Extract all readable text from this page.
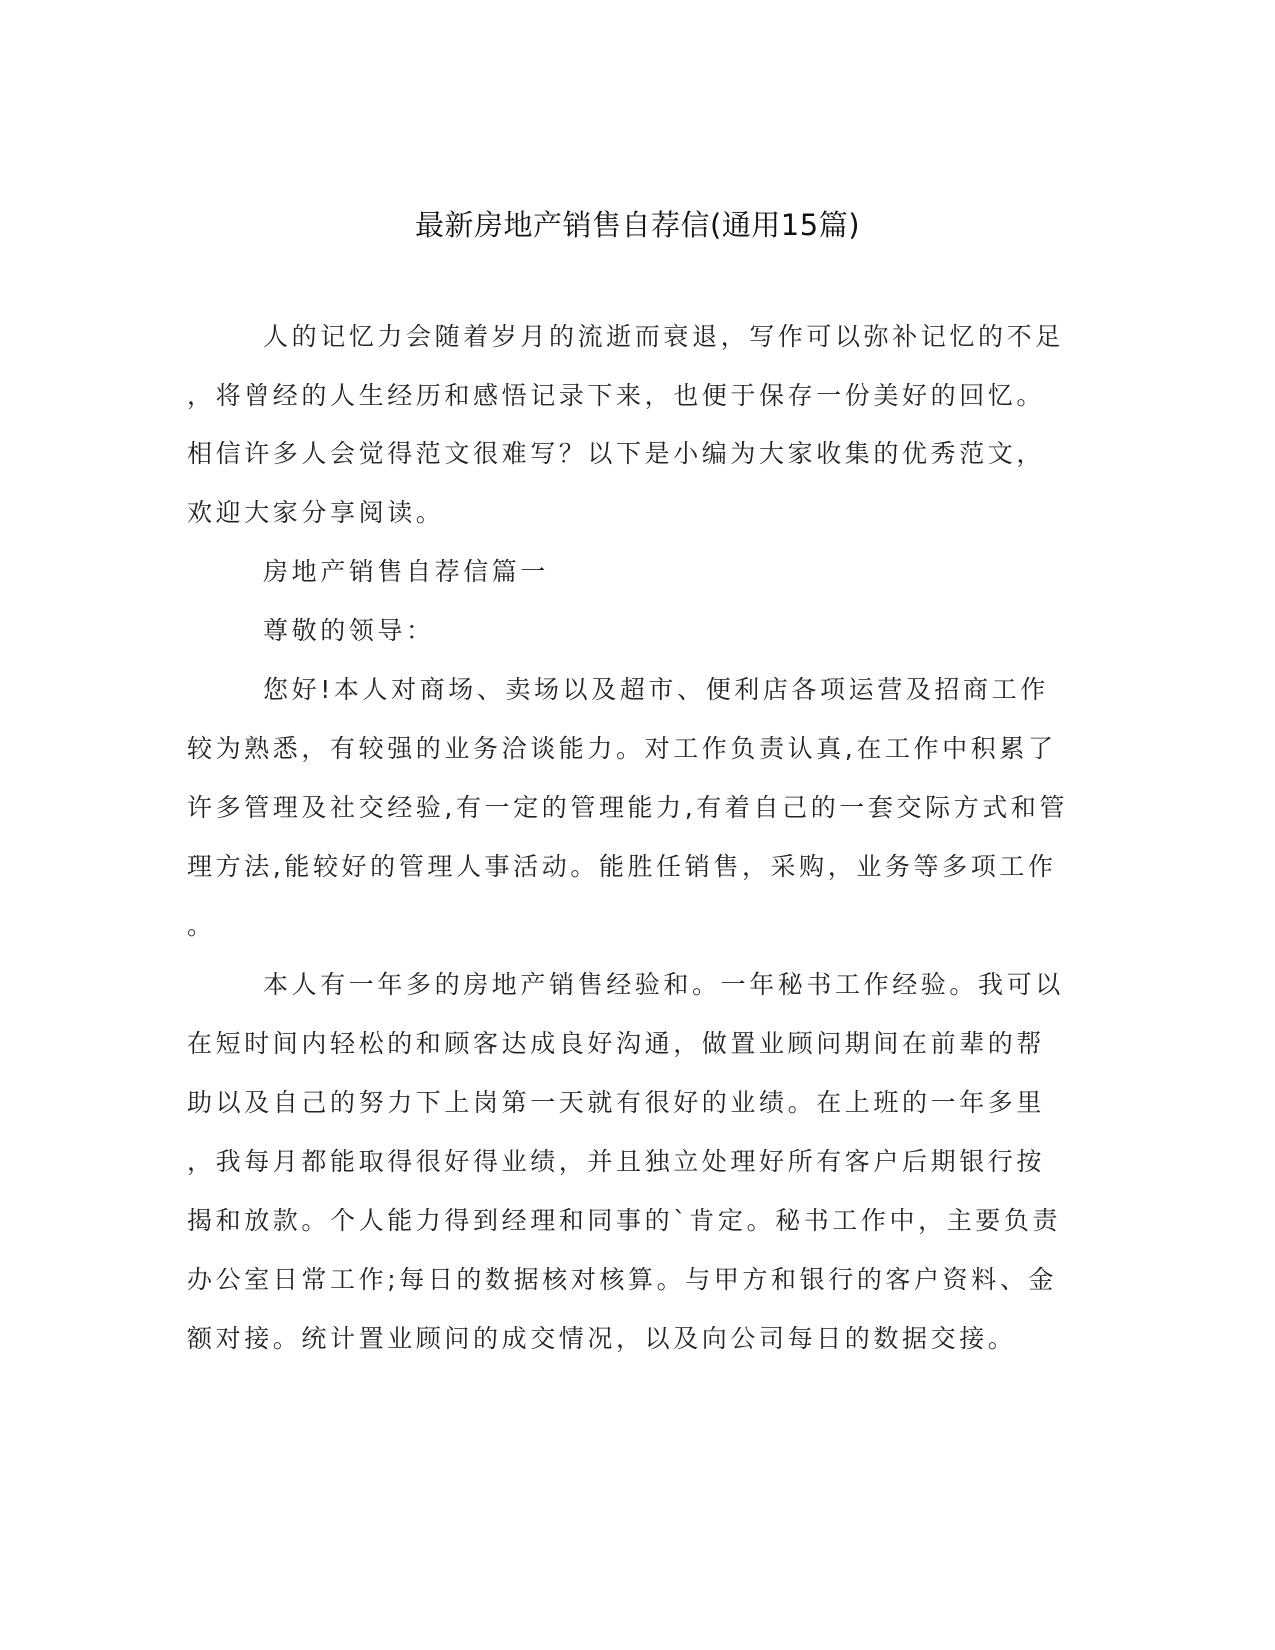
最新房地产销售自荐信(通用15篇)
人的记忆力会随着岁月的流逝而衰退，写作可以弥补记忆的不足
，将曾经的人生经历和感悟记录下来，也便于保存一份美好的回忆。
相信许多人会觉得范文很难写？以下是小编为大家收集的优秀范文，
欢迎大家分享阅读。
房地产销售自荐信篇一
尊敬的领导：
您好!本人对商场、卖场以及超市、便利店各项运营及招商工作
较为熟悉，有较强的业务洽谈能力。对工作负责认真,在工作中积累了
许多管理及社交经验,有一定的管理能力,有着自己的一套交际方式和管
理方法,能较好的管理人事活动。能胜任销售，采购，业务等多项工作
。
本人有一年多的房地产销售经验和。一年秘书工作经验。我可以
在短时间内轻松的和顾客达成良好沟通，做置业顾问期间在前辈的帮
助以及自己的努力下上岗第一天就有很好的业绩。在上班的一年多里
，我每月都能取得很好得业绩，并且独立处理好所有客户后期银行按
揭和放款。个人能力得到经理和同事的`肯定。秘书工作中，主要负责
办公室日常工作;每日的数据核对核算。与甲方和银行的客户资料、金
额对接。统计置业顾问的成交情况，以及向公司每日的数据交接。
